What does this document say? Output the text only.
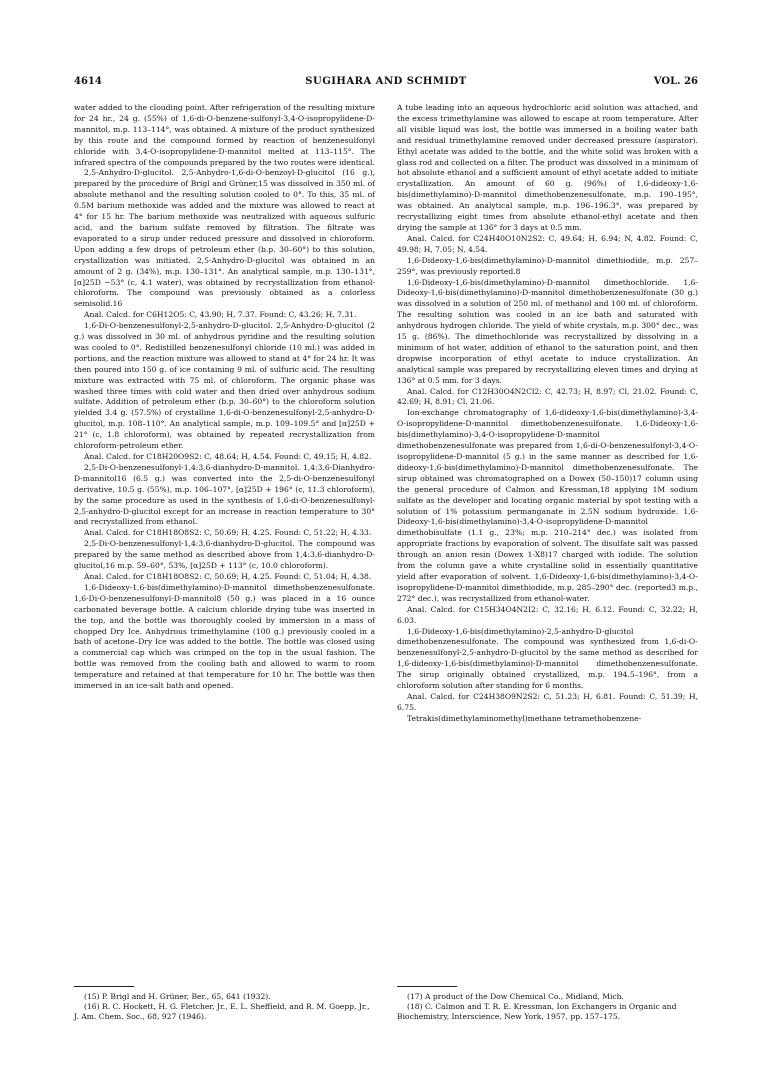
4614	SUGIHARA AND SCHMIDT	VOL. 26

water added to the clouding point. After refrigeration of the resulting mixture for 24 hr., 24 g. (55%) of 1,6-di-O-benzene-sulfonyl-3,4-O-isopropylidene-D-mannitol, m.p. 113–114°, was obtained. A mixture of the product synthesized by this route and the compound formed by reaction of benzenesulfonyl chloride with 3,4-O-isopropylidene-D-mannitol melted at 113–115°. The infrared spectra of the compounds prepared by the two routes were identical.

2,5-Anhydro-D-glucitol. 2,5-Anhydro-1,6-di-O-benzoyl-D-glucitol (16 g.), prepared by the procedure of Brigl and Grüner,15 was dissolved in 350 ml. of absolute methanol and the resulting solution cooled to 0°. To this, 35 ml. of 0.5M barium methoxide was added and the mixture was allowed to react at 4° for 15 hr. The barium methoxide was neutralized with aqueous sulfuric acid, and the barium sulfate removed by filtration. The filtrate was evaporated to a sirup under reduced pressure and dissolved in chloroform. Upon adding a few drops of petroleum ether (b.p. 30–60°) to this solution, crystallization was initiated. 2,5-Anhydro-D-glucitol was obtained in an amount of 2 g. (34%), m.p. 130–131°. An analytical sample, m.p. 130–131°, [α]25D −53° (c, 4.1 water), was obtained by recrystallization from ethanol-chloroform. The compound was previously obtained as a colorless semisolid.16

Anal. Calcd. for C6H12O5: C, 43.90; H, 7.37. Found: C, 43.26; H, 7.31.

1,6-Di-O-benzenesulfonyl-2,5-anhydro-D-glucitol. 2,5-Anhydro-D-glucitol (2 g.) was dissolved in 30 ml. of anhydrous pyridine and the resulting solution was cooled to 0°. Redistilled benzenesulfonyl chloride (10 ml.) was added in portions, and the reaction mixture was allowed to stand at 4° for 24 hr. It was then poured into 150 g. of ice containing 9 ml. of sulfuric acid. The resulting mixture was extracted with 75 ml. of chloroform. The organic phase was washed three times with cold water and then dried over anhydrous sodium sulfate. Addition of petroleum ether (b.p. 30–60°) to the chloroform solution yielded 3.4 g. (57.5%) of crystalline 1,6-di-O-benzenesulfonyl-2,5-anhydro-D-glucitol, m.p. 108–110°. An analytical sample, m.p. 109–109.5° and [α]25D + 21° (c, 1.8 chloroform), was obtained by repeated recrystallization from chloroform-petroleum ether.

Anal. Calcd. for C18H20O9S2: C, 48.64; H, 4.54. Found: C, 49.15; H, 4.82.

2,5-Di-O-benzenesulfonyl-1,4:3,6-dianhydro-D-mannitol. 1,4:3,6-Dianhydro-D-mannitol16 (6.5 g.) was converted into the 2,5-di-O-benzenesulfonyl derivative, 10.5 g. (55%), m.p. 106–107°, [α]25D + 196° (c, 11.3 chloroform), by the same procedure as used in the synthesis of 1,6-di-O-benzenesulfonyl-2,5-anhydro-D-glucitol except for an increase in reaction temperature to 30° and recrystallized from ethanol.

Anal. Calcd. for C18H18O8S2: C, 50.69; H, 4.25. Found: C, 51.22; H, 4.33.

2,5-Di-O-benzenesulfonyl-1,4:3,6-dianhydro-D-glucitol. The compound was prepared by the same method as described above from 1,4:3,6-dianhydro-D-glucitol,16 m.p. 59–60°, 53%, [α]25D + 113° (c, 10.0 chloroform).

Anal. Calcd. for C18H18O8S2: C, 50.69; H, 4.25. Found: C, 51.04; H, 4.38.

1,6-Dideoxy-1,6-bis(dimethylamino)-D-mannitol dimethobenzenesulfonate. 1,6-Di-O-benzenesulfonyl-D-mannitol8 (50 g.) was placed in a 16 ounce carbonated beverage bottle. A calcium chloride drying tube was inserted in the top, and the bottle was thoroughly cooled by immersion in a mass of chopped Dry Ice. Anhydrous trimethylamine (100 g.) previously cooled in a bath of acetone–Dry Ice was added to the bottle. The bottle was closed using a commercial cap which was crimped on the top in the usual fashion. The bottle was removed from the cooling bath and allowed to warm to room temperature and retained at that temperature for 10 hr. The bottle was then immersed in an ice-salt bath and opened.

A tube leading into an aqueous hydrochloric acid solution was attached, and the excess trimethylamine was allowed to escape at room temperature. After all visible liquid was lost, the bottle was immersed in a boiling water bath and residual trimethylamine removed under decreased pressure (aspirator). Ethyl acetate was added to the bottle, and the white solid was broken with a glass rod and collected on a filter. The product was dissolved in a minimum of hot absolute ethanol and a sufficient amount of ethyl acetate added to initiate crystallization. An amount of 60 g. (96%) of 1,6-dideoxy-1,6-bis(dimethylamino)-D-mannitol dimethobenzenesulfonate, m.p. 190–195°, was obtained. An analytical sample, m.p. 196–196.3°, was prepared by recrystallizing eight times from absolute ethanol-ethyl acetate and then drying the sample at 136° for 3 days at 0.5 mm.

Anal. Calcd. for C24H40O10N2S2: C, 49.64; H, 6.94; N, 4.82. Found: C, 49.98; H, 7.05; N, 4.54.

1,6-Dideoxy-1,6-bis(dimethylamino)-D-mannitol dimethiodide, m.p. 257–259°, was previously reported.8

1,6-Dideoxy-1,6-bis(dimethylamino)-D-mannitol dimethochloride. 1,6-Dideoxy-1,6-bis(dimethylamino)-D-mannitol dimethobenzenesulfonate (30 g.) was dissolved in a solution of 250 ml. of methanol and 100 ml. of chloroform. The resulting solution was cooled in an ice bath and saturated with anhydrous hydrogen chloride. The yield of white crystals, m.p. 300° dec., was 15 g. (86%). The dimethochloride was recrystallized by dissolving in a minimum of hot water, addition of ethanol to the saturation point, and then dropwise incorporation of ethyl acetate to induce crystallization. An analytical sample was prepared by recrystallizing eleven times and drying at 136° at 0.5 mm. for 3 days.

Anal. Calcd. for C12H30O4N2Cl2: C, 42.73; H, 8.97; Cl, 21.02. Found: C, 42.69; H, 8.91; Cl, 21.06.

Ion-exchange chromatography of 1,6-dideoxy-1,6-bis(dimethylamino)-3,4-O-isopropylidene-D-mannitol dimethobenzenesulfonate. 1,6-Dideoxy-1,6-bis(dimethylamino)-3,4-O-isopropylidene-D-mannitol dimethobenzenesulfonate was prepared from 1,6-di-O-benzenesulfonyl-3,4-O-isopropylidene-D-mannitol (5 g.) in the same manner as described for 1,6-dideoxy-1,6-bis(dimethylamino)-D-mannitol dimethobenzenesulfonate. The sirup obtained was chromatographed on a Dowex (50–150)17 column using the general procedure of Calmon and Kressman,18 applying 1M sodium sulfate as the developer and locating organic material by spot testing with a solution of 1% potassium permanganate in 2.5N sodium hydroxide. 1,6-Dideoxy-1,6-bis(dimethylamino)-3,4-O-isopropylidene-D-mannitol dimethobisulfate (1.1 g., 23%; m.p. 210–214° dec.) was isolated from appropriate fractions by evaporation of solvent. The disulfate salt was passed through an anion resin (Dowex 1-X8)17 charged with iodide. The solution from the column gave a white crystalline solid in essentially quantitative yield after evaporation of solvent. 1,6-Dideoxy-1,6-bis(dimethylamino)-3,4-O-isopropylidene-D-mannitol dimethiodide, m.p. 285–290° dec. (reported3 m.p., 272° dec.), was recrystallized from ethanol-water.

Anal. Calcd. for C15H34O4N2I2: C, 32.16; H, 6.12. Found: C, 32.22; H, 6.03.

1,6-Dideoxy-1,6-bis(dimethylamino)-2,5-anhydro-D-glucitol dimethobenzenesulfonate. The compound was synthesized from 1,6-di-O-benzenesulfonyl-2,5-anhydro-D-glucitol by the same method as described for 1,6-dideoxy-1,6-bis(dimethylamino)-D-mannitol dimethobenzenesulfonate. The sirup originally obtained crystallized, m.p. 194.5–196°, from a chloroform solution after standing for 6 months.

Anal. Calcd. for C24H38O9N2S2: C, 51.23; H, 6.81. Found: C, 51.39; H, 6.75.

Tetrakis(dimethylaminomethyl)methane tetramethobenzene-

(15) P. Brigl and H. Grüner, Ber., 65, 641 (1932).

(16) R. C. Hockett, H. G. Fletcher, Jr., E. L. Sheffield, and R. M. Goepp, Jr., J. Am. Chem. Soc., 68, 927 (1946).

(17) A product of the Dow Chemical Co., Midland, Mich.

(18) C. Calmon and T. R. E. Kressman, Ion Exchangers in Organic and Biochemistry, Interscience, New York, 1957, pp. 157–175.
